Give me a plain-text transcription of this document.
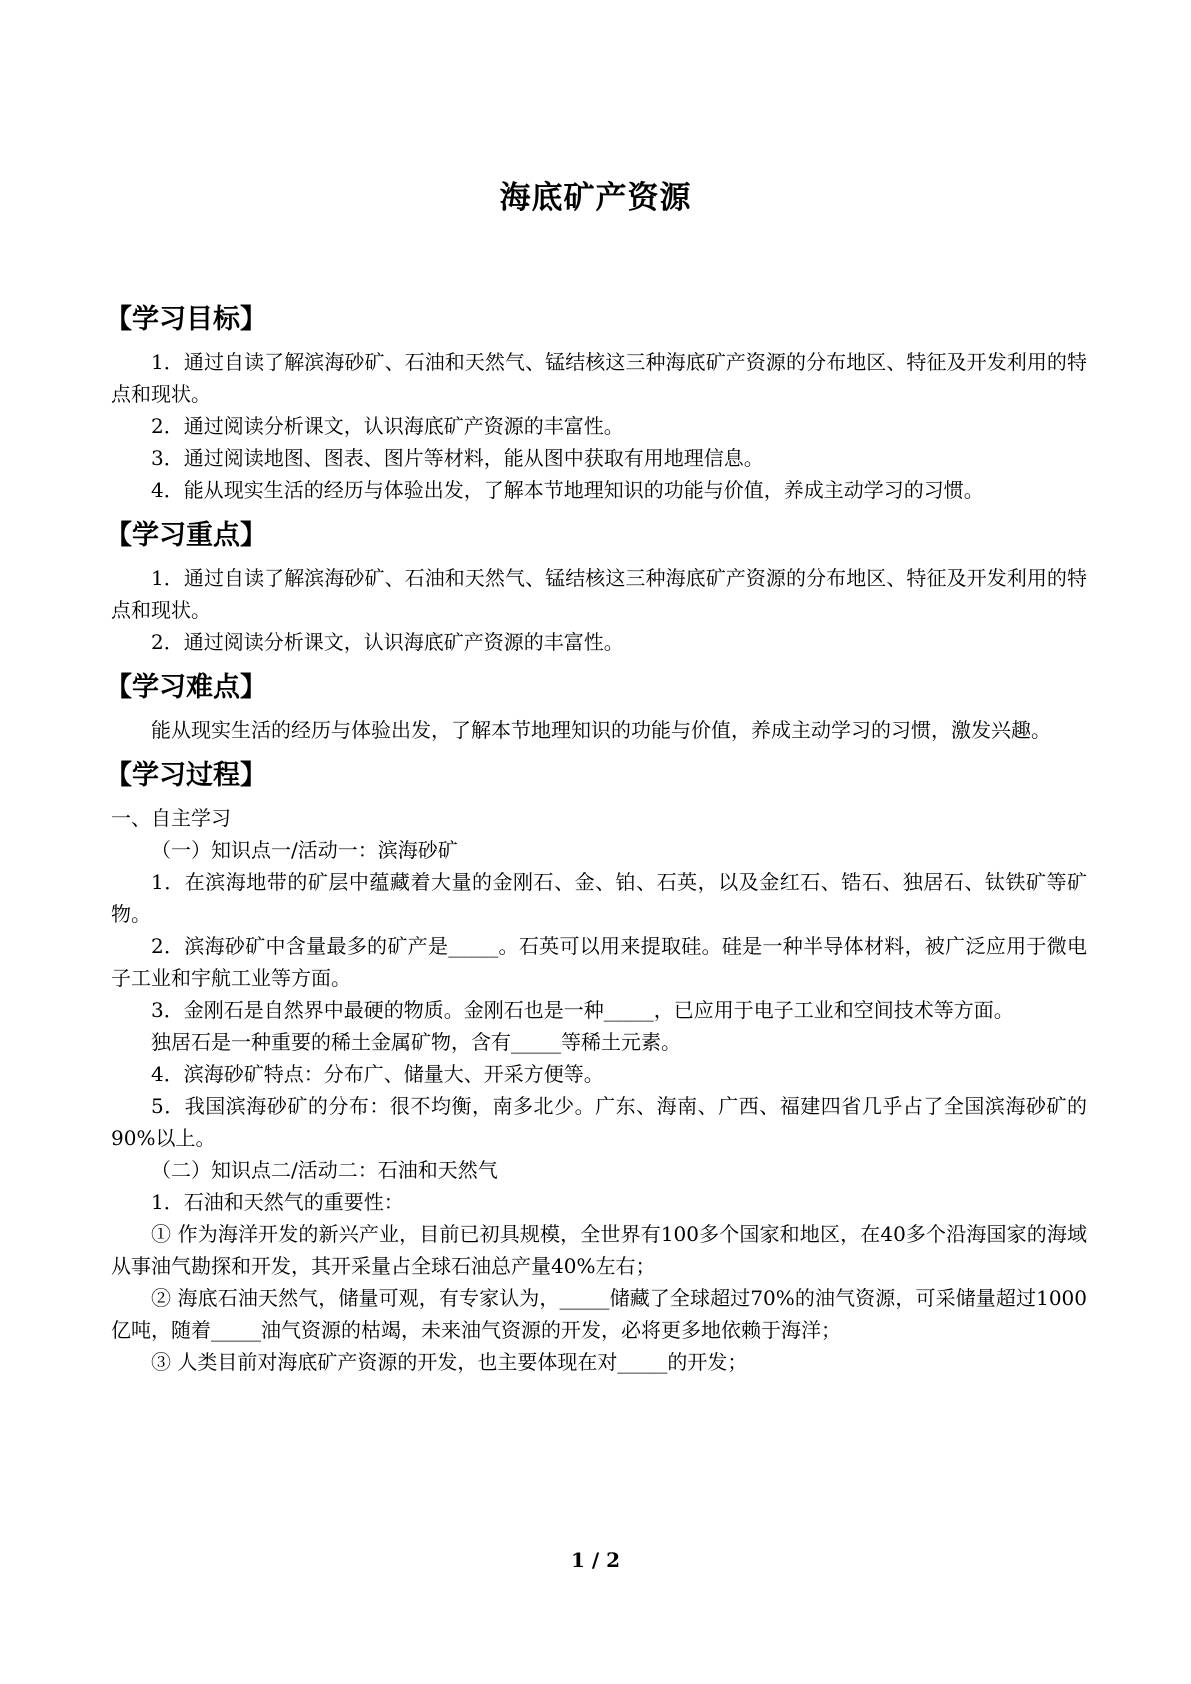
海底矿产资源
【学习目标】

1．通过自读了解滨海砂矿、石油和天然气、锰结核这三种海底矿产资源的分布地区、特征及开发利用的特点和现状。

2．通过阅读分析课文，认识海底矿产资源的丰富性。

3．通过阅读地图、图表、图片等材料，能从图中获取有用地理信息。

4．能从现实生活的经历与体验出发，了解本节地理知识的功能与价值，养成主动学习的习惯。

【学习重点】

1．通过自读了解滨海砂矿、石油和天然气、锰结核这三种海底矿产资源的分布地区、特征及开发利用的特点和现状。

2．通过阅读分析课文，认识海底矿产资源的丰富性。

【学习难点】

能从现实生活的经历与体验出发，了解本节地理知识的功能与价值，养成主动学习的习惯，激发兴趣。

【学习过程】

一、自主学习

（一）知识点一/活动一：滨海砂矿

1．在滨海地带的矿层中蕴藏着大量的金刚石、金、铂、石英，以及金红石、锆石、独居石、钛铁矿等矿物。

2．滨海砂矿中含量最多的矿产是_____。石英可以用来提取硅。硅是一种半导体材料，被广泛应用于微电子工业和宇航工业等方面。

3．金刚石是自然界中最硬的物质。金刚石也是一种_____，已应用于电子工业和空间技术等方面。

独居石是一种重要的稀土金属矿物，含有_____等稀土元素。

4．滨海砂矿特点：分布广、储量大、开采方便等。

5．我国滨海砂矿的分布：很不均衡，南多北少。广东、海南、广西、福建四省几乎占了全国滨海砂矿的90%以上。

（二）知识点二/活动二：石油和天然气

1．石油和天然气的重要性：

① 作为海洋开发的新兴产业，目前已初具规模，全世界有100多个国家和地区，在40多个沿海国家的海域从事油气勘探和开发，其开采量占全球石油总产量40%左右；

② 海底石油天然气，储量可观，有专家认为，_____储藏了全球超过70%的油气资源，可采储量超过1000亿吨，随着_____油气资源的枯竭，未来油气资源的开发，必将更多地依赖于海洋；

③ 人类目前对海底矿产资源的开发，也主要体现在对_____的开发；

1 / 2
